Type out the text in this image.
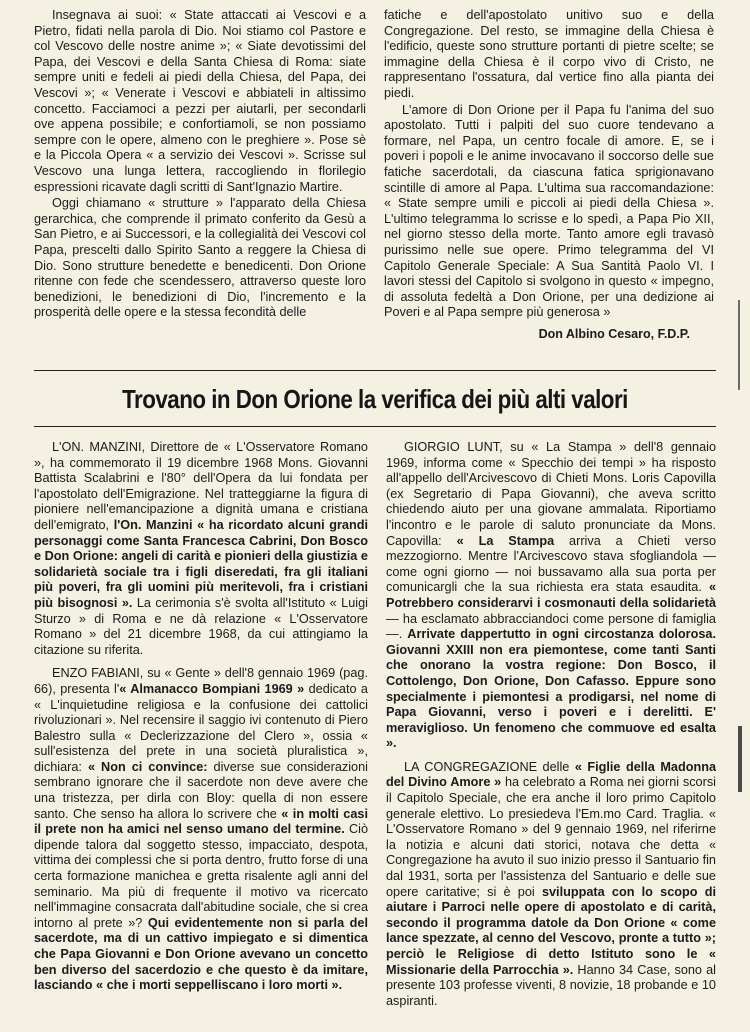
Insegnava ai suoi: « State attaccati ai Vescovi e a Pietro, fidati nella parola di Dio. Noi stiamo col Pastore e col Vescovo delle nostre anime »; « Siate devotissimi del Papa, dei Vescovi e della Santa Chiesa di Roma: siate sempre uniti e fedeli ai piedi della Chiesa, del Papa, dei Vescovi »; « Venerate i Vescovi e abbiateli in altissimo concetto. Facciamoci a pezzi per aiutarli, per secondarli ove appena possibile; e confortiamoli, se non possiamo sempre con le opere, almeno con le preghiere ». Pose sè e la Piccola Opera « a servizio dei Vescovi ». Scrisse sul Vescovo una lunga lettera, raccogliendo in florilegio espressioni ricavate dagli scritti di Sant'Ignazio Martire.

Oggi chiamano « strutture » l'apparato della Chiesa gerarchica, che comprende il primato conferito da Gesù a San Pietro, e ai Successori, e la collegialità dei Vescovi col Papa, prescelti dallo Spirito Santo a reggere la Chiesa di Dio. Sono strutture benedette e benedicenti. Don Orione ritenne con fede che scendessero, attraverso queste loro benedizioni, le benedizioni di Dio, l'incremento e la prosperità delle opere e la stessa fecondità delle

fatiche e dell'apostolato unitivo suo e della Congregazione. Del resto, se immagine della Chiesa è l'edificio, queste sono strutture portanti di pietre scelte; se immagine della Chiesa è il corpo vivo di Cristo, ne rappresentano l'ossatura, dal vertice fino alla pianta dei piedi.

L'amore di Don Orione per il Papa fu l'anima del suo apostolato. Tutti i palpiti del suo cuore tendevano a formare, nel Papa, un centro focale di amore. E, se i poveri i popoli e le anime invocavano il soccorso delle sue fatiche sacerdotali, da ciascuna fatica sprigionavano scintille di amore al Papa. L'ultima sua raccomandazione: « State sempre umili e piccoli ai piedi della Chiesa ». L'ultimo telegramma lo scrisse e lo spedì, a Papa Pio XII, nel giorno stesso della morte. Tanto amore egli travasò purissimo nelle sue opere. Primo telegramma del VI Capitolo Generale Speciale: A Sua Santità Paolo VI. I lavori stessi del Capitolo si svolgono in questo « impegno, di assoluta fedeltà a Don Orione, per una dedizione ai Poveri e al Papa sempre più generosa »

Don Albino Cesaro, F.D.P.

Trovano in Don Orione la verifica dei più alti valori

L'ON. MANZINI, Direttore de « L'Osservatore Romano », ha commemorato il 19 dicembre 1968 Mons. Giovanni Battista Scalabrini e l'80° dell'Opera da lui fondata per l'apostolato dell'Emigrazione. Nel tratteggiarne la figura di pioniere nell'emancipazione a dignità umana e cristiana dell'emigrato, l'On. Manzini « ha ricordato alcuni grandi personaggi come Santa Francesca Cabrini, Don Bosco e Don Orione: angeli di carità e pionieri della giustizia e solidarietà sociale tra i figli diseredati, fra gli italiani più poveri, fra gli uomini più meritevoli, fra i cristiani più bisognosi ». La cerimonia s'è svolta all'Istituto « Luigi Sturzo » di Roma e ne dà relazione « L'Osservatore Romano » del 21 dicembre 1968, da cui attingiamo la citazione su riferita.

ENZO FABIANI, su « Gente » dell'8 gennaio 1969 (pag. 66), presenta l'« Almanacco Bompiani 1969 » dedicato a « L'inquietudine religiosa e la confusione dei cattolici rivoluzionari ». Nel recensire il saggio ivi contenuto di Piero Balestro sulla « Declerizzazione del Clero », ossia « sull'esistenza del prete in una società pluralistica », dichiara: « Non ci convince: diverse sue considerazioni sembrano ignorare che il sacerdote non deve avere che una tristezza, per dirla con Bloy: quella di non essere santo. Che senso ha allora lo scrivere che « in molti casi il prete non ha amici nel senso umano del termine. Ciò dipende talora dal soggetto stesso, impacciato, despota, vittima dei complessi che si porta dentro, frutto forse di una certa formazione manichea e gretta risalente agli anni del seminario. Ma più di frequente il motivo va ricercato nell'immagine consacrata dall'abitudine sociale, che si crea intorno al prete »? Qui evidentemente non si parla del sacerdote, ma di un cattivo impiegato e si dimentica che Papa Giovanni e Don Orione avevano un concetto ben diverso del sacerdozio e che questo è da imitare, lasciando « che i morti seppelliscano i loro morti ».

GIORGIO LUNT, su « La Stampa » dell'8 gennaio 1969, informa come « Specchio dei tempi » ha risposto all'appello dell'Arcivescovo di Chieti Mons. Loris Capovilla (ex Segretario di Papa Giovanni), che aveva scritto chiedendo aiuto per una giovane ammalata. Riportiamo l'incontro e le parole di saluto pronunciate da Mons. Capovilla: « La Stampa arriva a Chieti verso mezzogiorno. Mentre l'Arcivescovo stava sfogliandola — come ogni giorno — noi bussavamo alla sua porta per comunicargli che la sua richiesta era stata esaudita. « Potrebbero considerarvi i cosmonauti della solidarietà — ha esclamato abbracciandoci come persone di famiglia —. Arrivate dappertutto in ogni circostanza dolorosa. Giovanni XXIII non era piemontese, come tanti Santi che onorano la vostra regione: Don Bosco, il Cottolengo, Don Orione, Don Cafasso. Eppure sono specialmente i piemontesi a prodigarsi, nel nome di Papa Giovanni, verso i poveri e i derelitti. E' meraviglioso. Un fenomeno che commuove ed esalta ».

LA CONGREGAZIONE delle « Figlie della Madonna del Divino Amore » ha celebrato a Roma nei giorni scorsi il Capitolo Speciale, che era anche il loro primo Capitolo generale elettivo. Lo presiedeva l'Em.mo Card. Traglia. « L'Osservatore Romano » del 9 gennaio 1969, nel riferirne la notizia e alcuni dati storici, notava che detta « Congregazione ha avuto il suo inizio presso il Santuario fin dal 1931, sorta per l'assistenza del Santuario e delle sue opere caritative; si è poi sviluppata con lo scopo di aiutare i Parroci nelle opere di apostolato e di carità, secondo il programma datole da Don Orione « come lance spezzate, al cenno del Vescovo, pronte a tutto »; perciò le Religiose di detto Istituto sono le « Missionarie della Parrocchia ». Hanno 34 Case, sono al presente 103 professe viventi, 8 novizie, 18 probande e 10 aspiranti.
